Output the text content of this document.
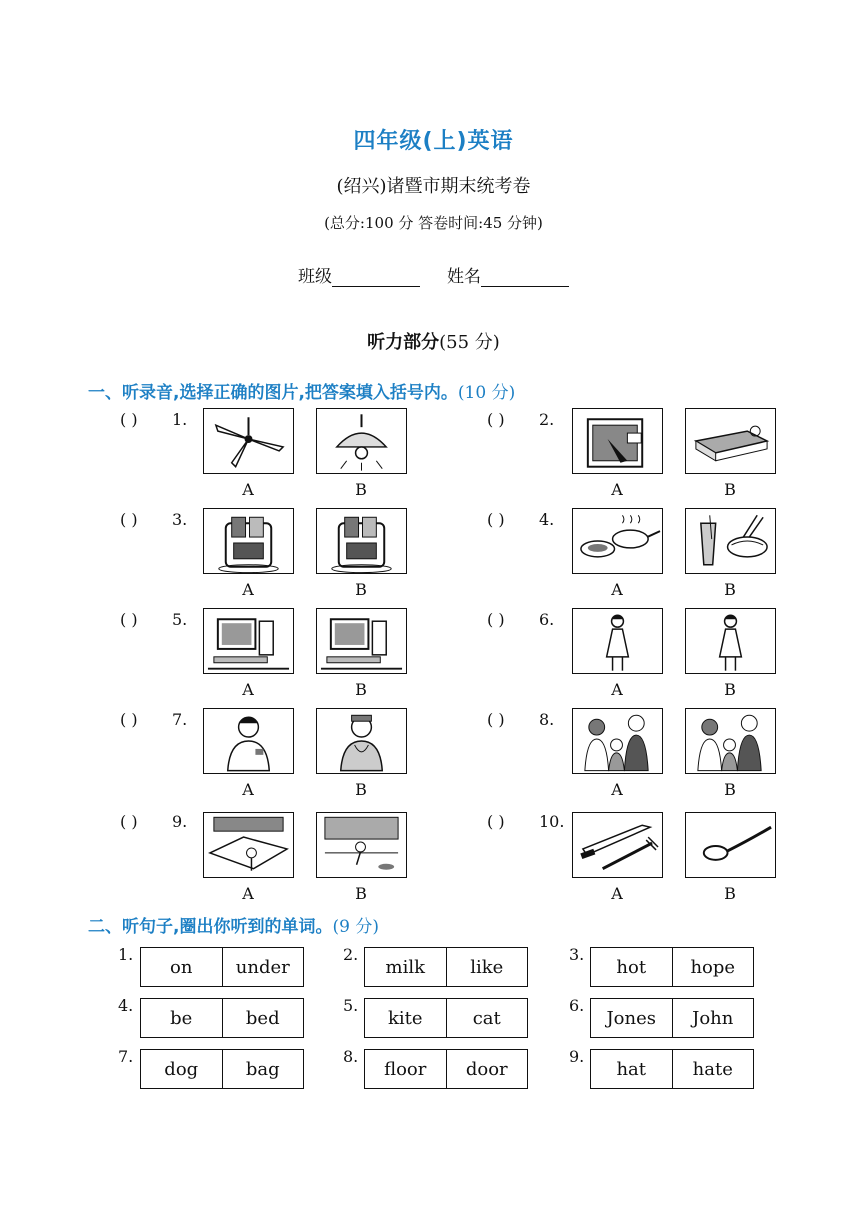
四年级(上)英语
(绍兴)诸暨市期末统考卷
(总分:100 分 答卷时间:45 分钟)
班级	姓名
听力部分(55 分)
一、听录音,选择正确的图片,把答案填入括号内。(10 分)
( ) 1.
A	B
( ) 2.
A	B
( ) 3.
A	B
( ) 4.
A	B
( ) 5.
A	B
( ) 6.
A	B
( ) 7.
A	B
( ) 8.
A	B
( ) 9.
A	B
( ) 10.
A	B
二、听句子,圈出你听到的单词。(9 分)
1.
on	under
2.
milk	like
3.
hot	hope
4.
be	bed
5.
kite	cat
6.
Jones	John
7.
dog	bag
8.
floor	door
9.
hat	hate
